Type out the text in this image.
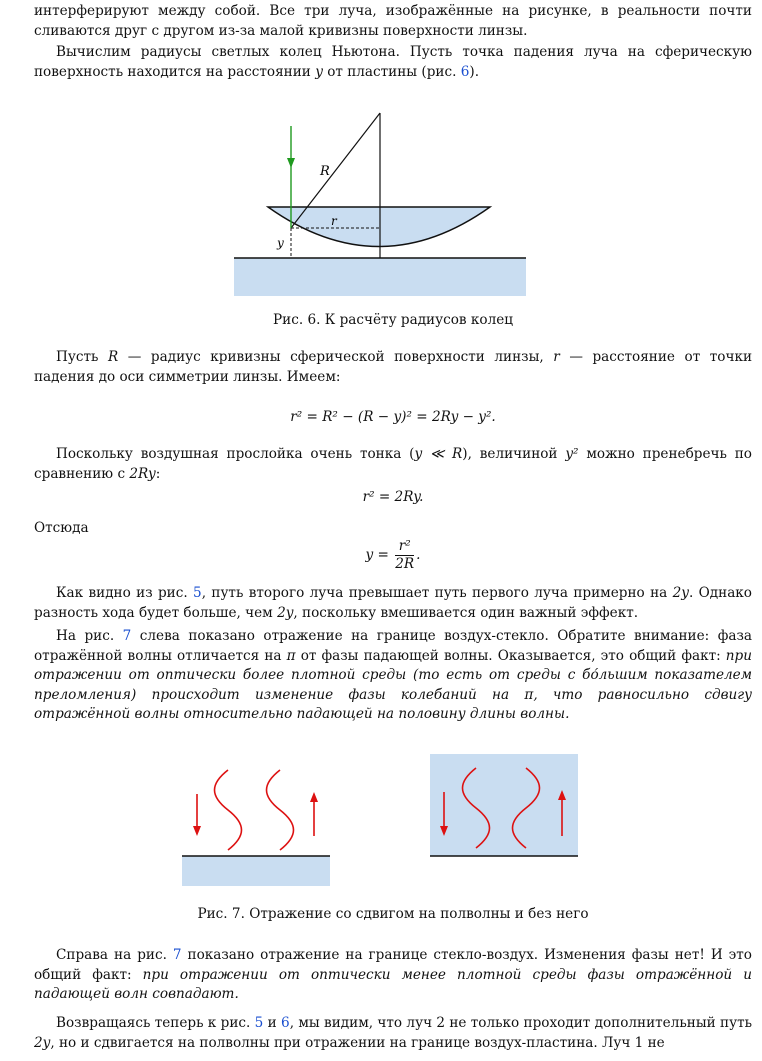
интерферируют между собой. Все три луча, изображённые на рисунке, в реальности почти сливаются друг с другом из-за малой кривизны поверхности линзы.

Вычислим радиусы светлых колец Ньютона. Пусть точка падения луча на сферическую поверхность находится на расстоянии y от пластины (рис. 6).

R
r
y
Рис. 6. К расчёту радиусов колец

Пусть R — радиус кривизны сферической поверхности линзы, r — расстояние от точки падения до оси симметрии линзы. Имеем:

r² = R² − (R − y)² = 2Ry − y².

Поскольку воздушная прослойка очень тонка (y ≪ R), величиной y² можно пренебречь по сравнению с 2Ry:

r² = 2Ry.

Отсюда

$y = \frac{\text{r²}}{2R}$ .

Как видно из рис. 5, путь второго луча превышает путь первого луча примерно на 2y. Однако разность хода будет больше, чем 2y, поскольку вмешивается один важный эффект.

На рис. 7 слева показано отражение на границе воздух-стекло. Обратите внимание: фаза отражённой волны отличается на π от фазы падающей волны. Оказывается, это общий факт: при отражении от оптически более плотной среды (то есть от среды с бо́льшим показателем преломления) происходит изменение фазы колебаний на π, что равносильно сдвигу отражённой волны относительно падающей на половину длины волны.

Рис. 7. Отражение со сдвигом на полволны и без него

Справа на рис. 7 показано отражение на границе стекло-воздух. Изменения фазы нет! И это общий факт: при отражении от оптически менее плотной среды фазы отражённой и падающей волн совпадают.

Возвращаясь теперь к рис. 5 и 6, мы видим, что луч 2 не только проходит дополнительный путь 2y, но и сдвигается на полволны при отражении на границе воздух-пластина. Луч 1 не
